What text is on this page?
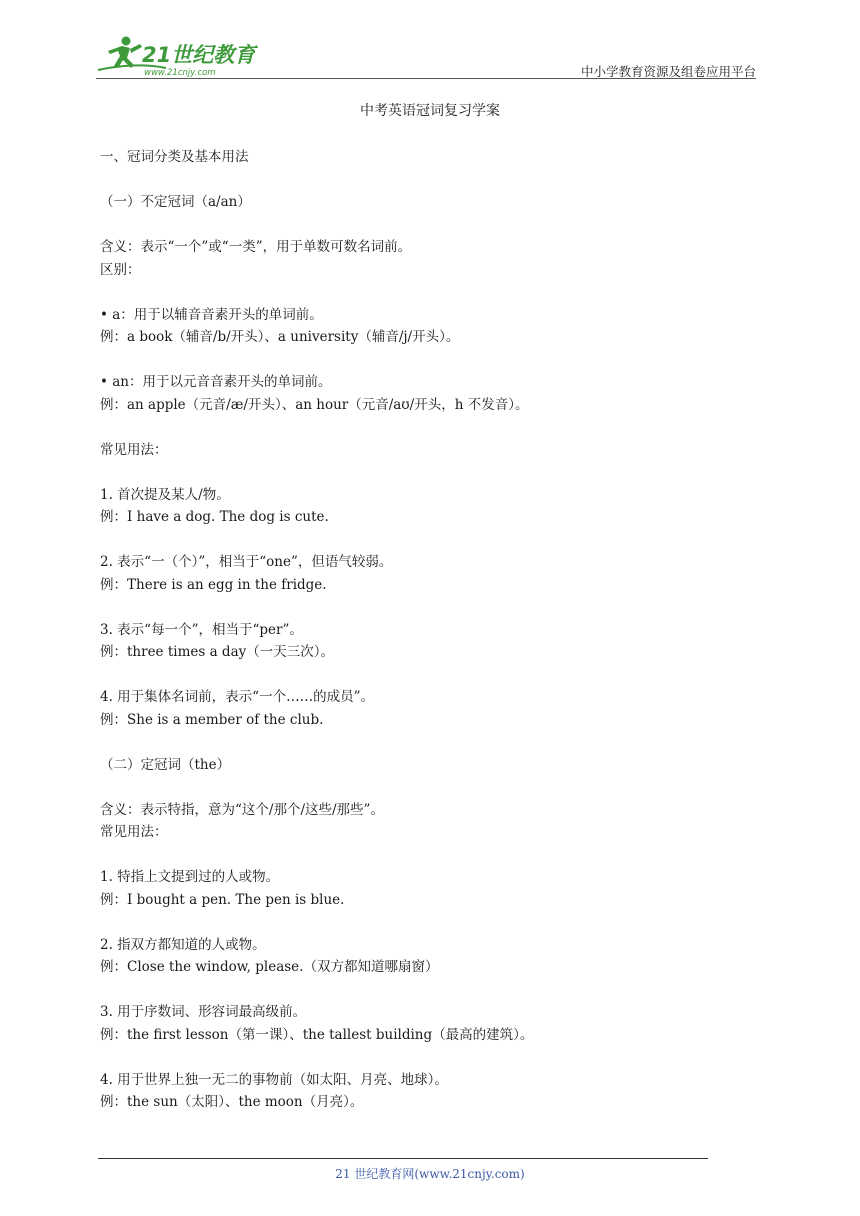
21世纪教育
www.21cnjy.com	中小学教育资源及组卷应用平台
中考英语冠词复习学案
一、冠词分类及基本用法
（一）不定冠词（a/an）
含义：表示“一个”或“一类”，用于单数可数名词前。
区别：
• a：用于以辅音音素开头的单词前。
例：a book（辅音/b/开头）、a university（辅音/j/开头）。
• an：用于以元音音素开头的单词前。
例：an apple（元音/æ/开头）、an hour（元音/aʊ/开头，h 不发音）。
常见用法：
1. 首次提及某人/物。
例：I have a dog. The dog is cute.
2. 表示“一（个）”，相当于“one”，但语气较弱。
例：There is an egg in the fridge.
3. 表示“每一个”，相当于“per”。
例：three times a day（一天三次）。
4. 用于集体名词前，表示“一个……的成员”。
例：She is a member of the club.
（二）定冠词（the）
含义：表示特指，意为“这个/那个/这些/那些”。
常见用法：
1. 特指上文提到过的人或物。
例：I bought a pen. The pen is blue.
2. 指双方都知道的人或物。
例：Close the window, please.（双方都知道哪扇窗）
3. 用于序数词、形容词最高级前。
例：the first lesson（第一课）、the tallest building（最高的建筑）。
4. 用于世界上独一无二的事物前（如太阳、月亮、地球）。
例：the sun（太阳）、the moon（月亮）。
21 世纪教育网(www.21cnjy.com)
